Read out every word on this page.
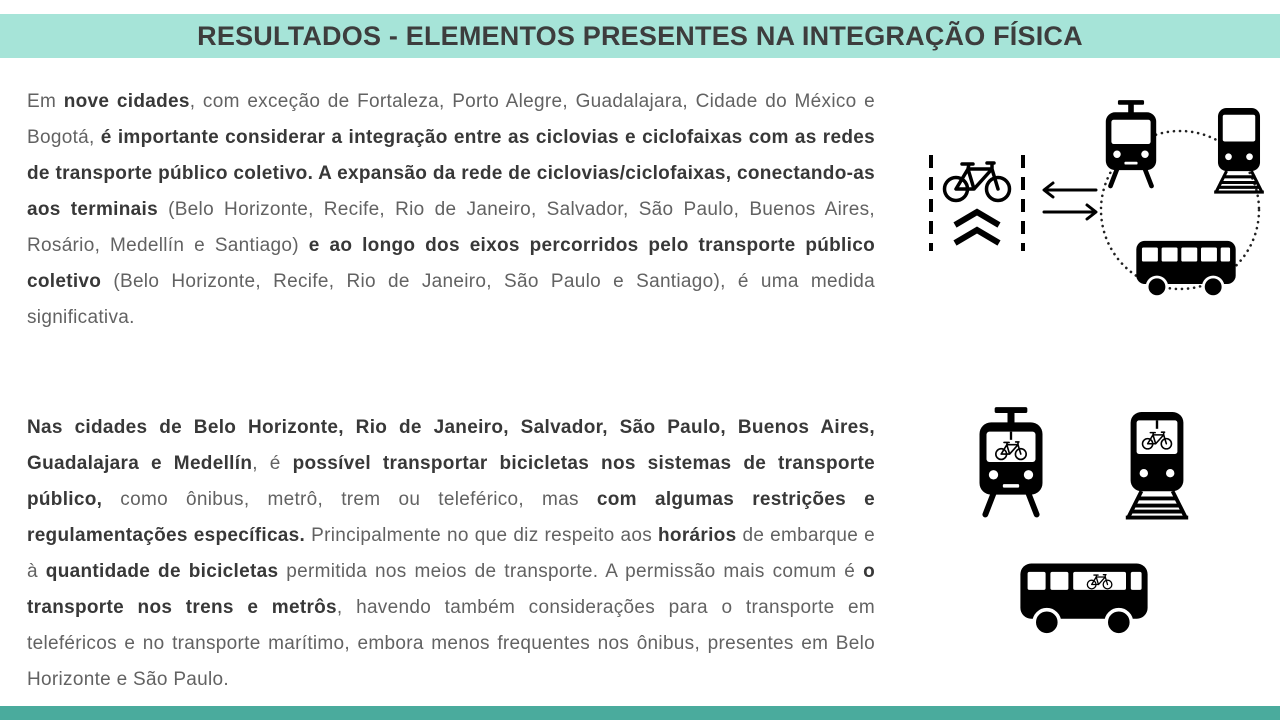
RESULTADOS - ELEMENTOS PRESENTES NA INTEGRAÇÃO FÍSICA

Em nove cidades, com exceção de Fortaleza, Porto Alegre, Guadalajara, Cidade do México e Bogotá, é importante considerar a integração entre as ciclovias e ciclofaixas com as redes de transporte público coletivo. A expansão da rede de ciclovias/ciclofaixas, conectando-as aos terminais (Belo Horizonte, Recife, Rio de Janeiro, Salvador, São Paulo, Buenos Aires, Rosário, Medellín e Santiago) e ao longo dos eixos percorridos pelo transporte público coletivo (Belo Horizonte, Recife, Rio de Janeiro, São Paulo e Santiago), é uma medida significativa.

Nas cidades de Belo Horizonte, Rio de Janeiro, Salvador, São Paulo, Buenos Aires, Guadalajara e Medellín, é possível transportar bicicletas nos sistemas de transporte público, como ônibus, metrô, trem ou teleférico, mas com algumas restrições e regulamentações específicas. Principalmente no que diz respeito aos horários de embarque e à quantidade de bicicletas permitida nos meios de transporte. A permissão mais comum é o transporte nos trens e metrôs, havendo também considerações para o transporte em teleféricos e no transporte marítimo, embora menos frequentes nos ônibus, presentes em Belo Horizonte e São Paulo.
